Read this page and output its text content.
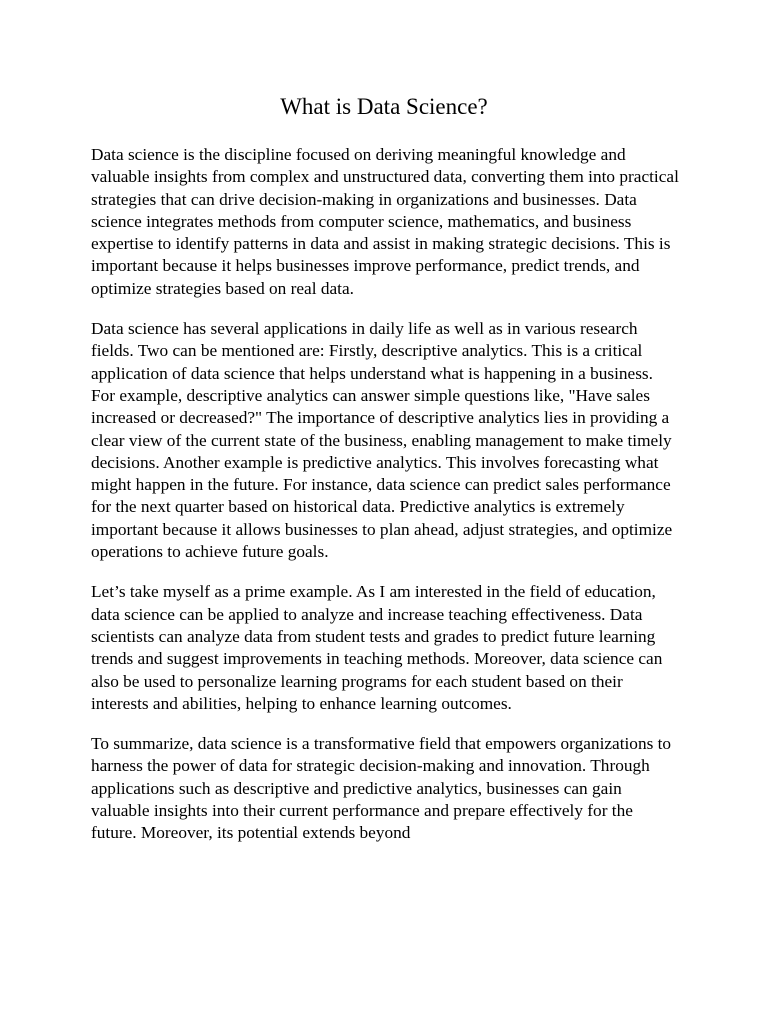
What is Data Science?

Data science is the discipline focused on deriving meaningful knowledge and valuable insights from complex and unstructured data, converting them into practical strategies that can drive decision-making in organizations and businesses. Data science integrates methods from computer science, mathematics, and business expertise to identify patterns in data and assist in making strategic decisions. This is important because it helps businesses improve performance, predict trends, and optimize strategies based on real data.

Data science has several applications in daily life as well as in various research fields. Two can be mentioned are: Firstly, descriptive analytics. This is a critical application of data science that helps understand what is happening in a business. For example, descriptive analytics can answer simple questions like, "Have sales increased or decreased?" The importance of descriptive analytics lies in providing a clear view of the current state of the business, enabling management to make timely decisions. Another example is predictive analytics. This involves forecasting what might happen in the future. For instance, data science can predict sales performance for the next quarter based on historical data. Predictive analytics is extremely important because it allows businesses to plan ahead, adjust strategies, and optimize operations to achieve future goals.

Let’s take myself as a prime example. As I am interested in the field of education, data science can be applied to analyze and increase teaching effectiveness. Data scientists can analyze data from student tests and grades to predict future learning trends and suggest improvements in teaching methods. Moreover, data science can also be used to personalize learning programs for each student based on their interests and abilities, helping to enhance learning outcomes.

To summarize, data science is a transformative field that empowers organizations to harness the power of data for strategic decision-making and innovation. Through applications such as descriptive and predictive analytics, businesses can gain valuable insights into their current performance and prepare effectively for the future. Moreover, its potential extends beyond
